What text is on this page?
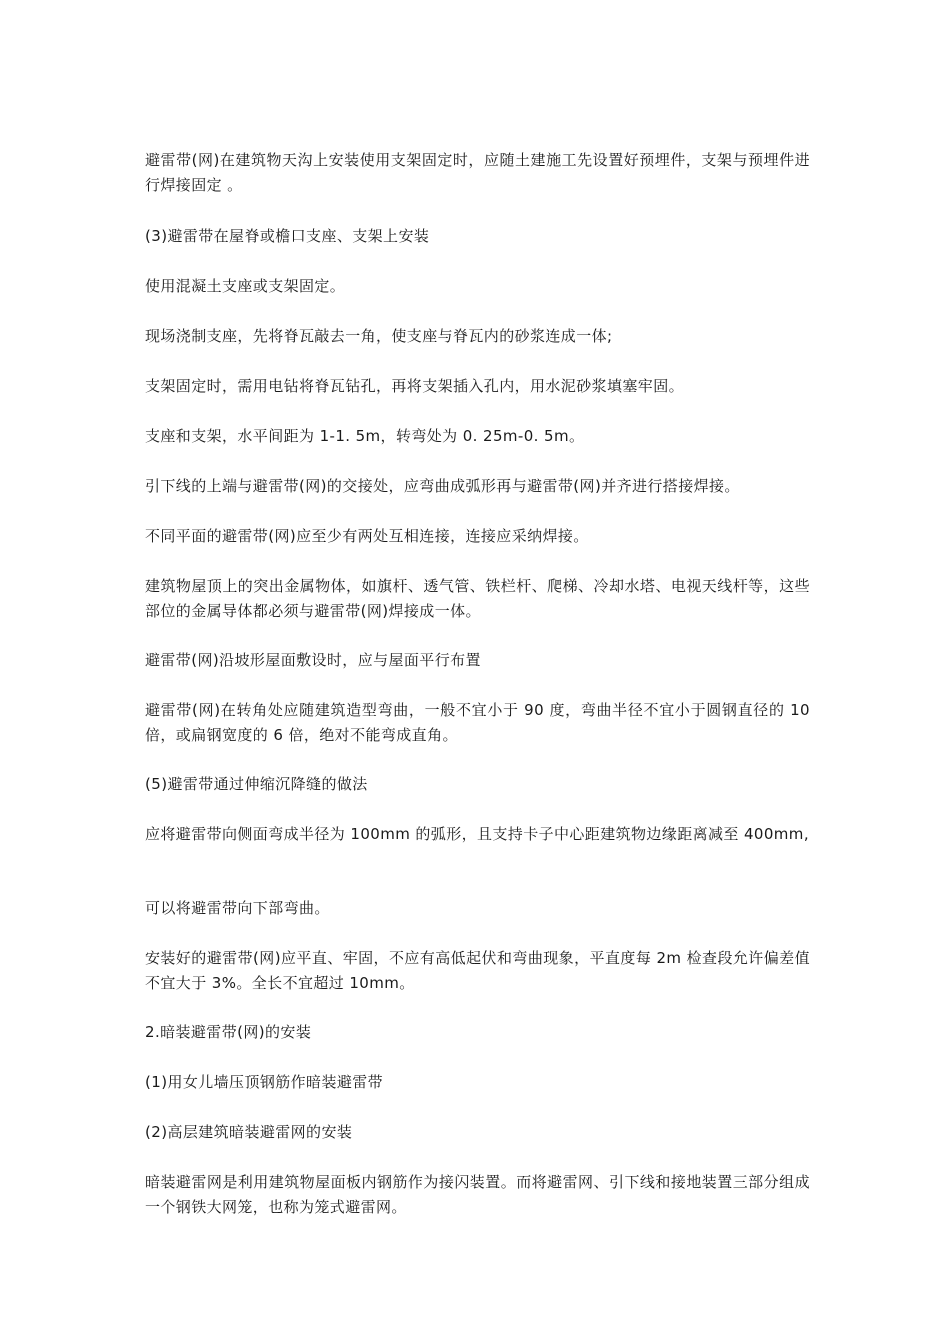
避雷带(网)在建筑物天沟上安装使用支架固定时，应随土建施工先设置好预埋件，支架与预埋件进行焊接固定 。

(3)避雷带在屋脊或檐口支座、支架上安装

使用混凝土支座或支架固定。

现场浇制支座，先将脊瓦敲去一角，使支座与脊瓦内的砂浆连成一体;

支架固定时，需用电钻将脊瓦钻孔，再将支架插入孔内，用水泥砂浆填塞牢固。

支座和支架，水平间距为 1-1. 5m，转弯处为 0. 25m-0. 5m。

引下线的上端与避雷带(网)的交接处，应弯曲成弧形再与避雷带(网)并齐进行搭接焊接。

不同平面的避雷带(网)应至少有两处互相连接，连接应采纳焊接。

建筑物屋顶上的突出金属物体，如旗杆、透气管、铁栏杆、爬梯、冷却水塔、电视天线杆等，这些部位的金属导体都必须与避雷带(网)焊接成一体。

避雷带(网)沿坡形屋面敷设时，应与屋面平行布置

避雷带(网)在转角处应随建筑造型弯曲，一般不宜小于 90 度，弯曲半径不宜小于圆钢直径的 10 倍，或扁钢宽度的 6 倍，绝对不能弯成直角。

(5)避雷带通过伸缩沉降缝的做法

应将避雷带向侧面弯成半径为 100mm 的弧形，且支持卡子中心距建筑物边缘距离减至 400mm,

可以将避雷带向下部弯曲。

安装好的避雷带(网)应平直、牢固，不应有高低起伏和弯曲现象，平直度每 2m 检查段允许偏差值不宜大于 3%。全长不宜超过 10mm。

2.暗装避雷带(网)的安装

(1)用女儿墙压顶钢筋作暗装避雷带

(2)高层建筑暗装避雷网的安装

暗装避雷网是利用建筑物屋面板内钢筋作为接闪装置。而将避雷网、引下线和接地装置三部分组成一个钢铁大网笼，也称为笼式避雷网。
